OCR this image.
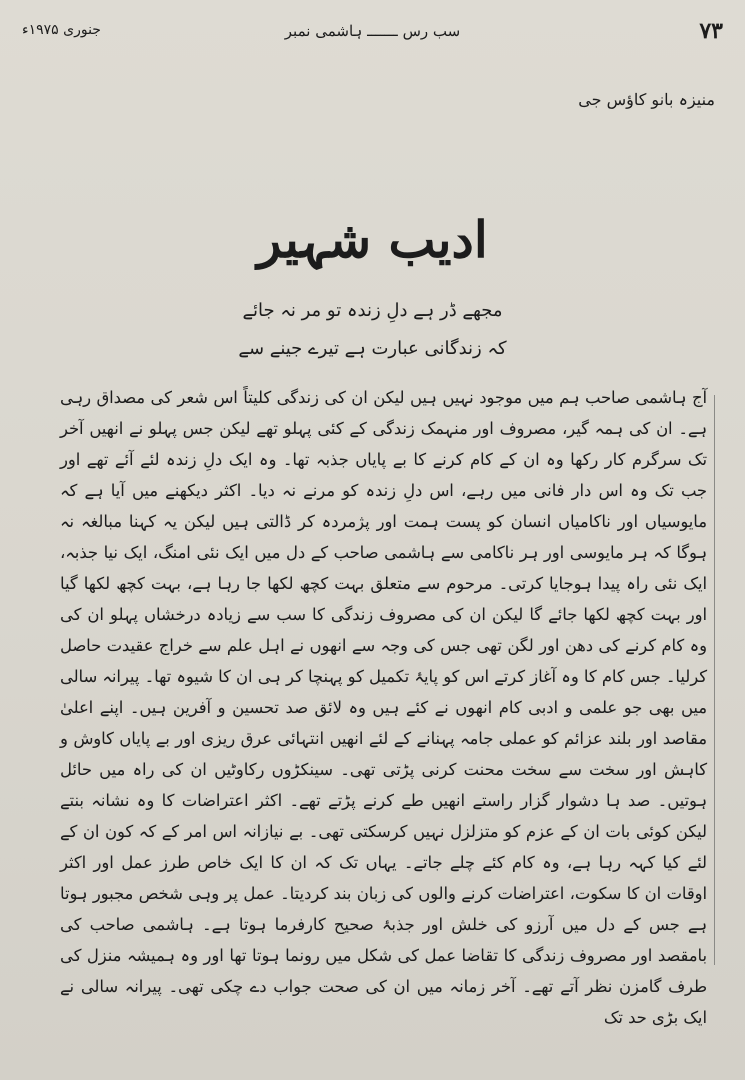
۷۳
سب رس ـــــــ ہاشمی نمبر
جنوری ۱۹۷۵ء
منیزہ بانو کاؤس جی
ادیب شہیر
مجھے ڈر ہے دلِ زندہ تو مر نہ جائے
کہ زندگانی عبارت ہے تیرے جینے سے

آج ہاشمی صاحب ہم میں موجود نہیں ہیں لیکن ان کی زندگی کلیتاً اس شعر کی مصداق رہی ہے۔ ان کی ہمہ گیر، مصروف اور منہمک زندگی کے کئی پہلو تھے لیکن جس پہلو نے انھیں آخر تک سرگرم کار رکھا وہ ان کے کام کرنے کا بے پایاں جذبہ تھا۔ وہ ایک دلِ زندہ لئے آئے تھے اور جب تک وہ اس دار فانی میں رہے، اس دلِ زندہ کو مرنے نہ دیا۔ اکثر دیکھنے میں آیا ہے کہ مایوسیاں اور ناکامیاں انسان کو پست ہمت اور پژمردہ کر ڈالتی ہیں لیکن یہ کہنا مبالغہ نہ ہوگا کہ ہر مایوسی اور ہر ناکامی سے ہاشمی صاحب کے دل میں ایک نئی امنگ، ایک نیا جذبہ، ایک نئی راہ پیدا ہوجایا کرتی۔ مرحوم سے متعلق بہت کچھ لکھا جا رہا ہے، بہت کچھ لکھا گیا اور بہت کچھ لکھا جائے گا لیکن ان کی مصروف زندگی کا سب سے زیادہ درخشاں پہلو ان کی وہ کام کرنے کی دھن اور لگن تھی جس کی وجہ سے انھوں نے اہل علم سے خراج عقیدت حاصل کرلیا۔ جس کام کا وہ آغاز کرتے اس کو پایۂ تکمیل کو پہنچا کر ہی ان کا شیوہ تھا۔ پیرانہ سالی میں بھی جو علمی و ادبی کام انھوں نے کئے ہیں وہ لائق صد تحسین و آفرین ہیں۔ اپنے اعلیٰ مقاصد اور بلند عزائم کو عملی جامہ پہنانے کے لئے انھیں انتہائی عرق ریزی اور بے پایاں کاوش و کاہش اور سخت سے سخت محنت کرنی پڑتی تھی۔ سینکڑوں رکاوٹیں ان کی راہ میں حائل ہوتیں۔ صد ہا دشوار گزار راستے انھیں طے کرنے پڑتے تھے۔ اکثر اعتراضات کا وہ نشانہ بنتے لیکن کوئی بات ان کے عزم کو متزلزل نہیں کرسکتی تھی۔ بے نیازانہ اس امر کے کہ کون ان کے لئے کیا کہہ رہا ہے، وہ کام کئے چلے جاتے۔ یہاں تک کہ ان کا ایک خاص طرز عمل اور اکثر اوقات ان کا سکوت، اعتراضات کرنے والوں کی زبان بند کردیتا۔ عمل پر وہی شخص مجبور ہوتا ہے جس کے دل میں آرزو کی خلش اور جذبۂ صحیح کارفرما ہوتا ہے۔ ہاشمی صاحب کی بامقصد اور مصروف زندگی کا تقاضا عمل کی شکل میں رونما ہوتا تھا اور وہ ہمیشہ منزل کی طرف گامزن نظر آتے تھے۔ آخر زمانہ میں ان کی صحت جواب دے چکی تھی۔ پیرانہ سالی نے ایک بڑی حد تک
